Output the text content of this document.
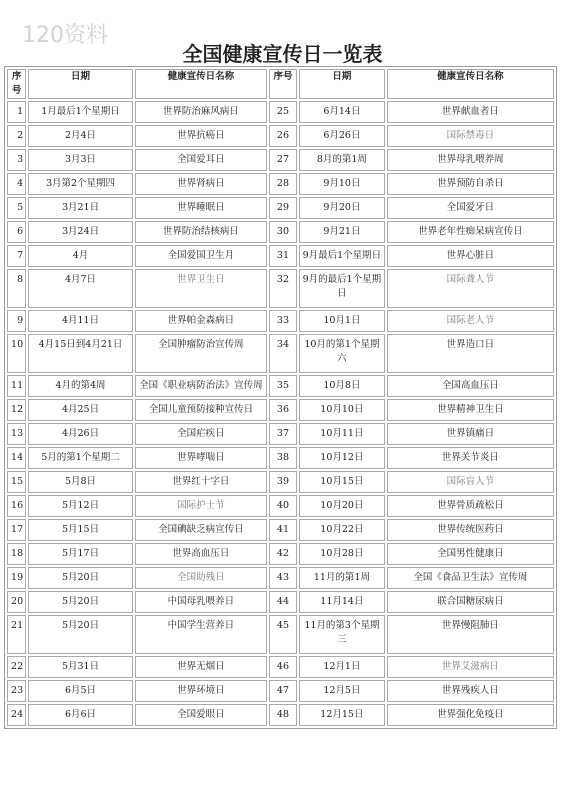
120资料
全国健康宣传日一览表
序号	日期	健康宣传日名称	序号	日期	健康宣传日名称
1	1月最后1个星期日	世界防治麻风病日	25	6月14日	世界献血者日
2	2月4日	世界抗癌日	26	6月26日	国际禁毒日
3	3月3日	全国爱耳日	27	8月的第1周	世界母乳喂养周
4	3月第2个星期四	世界肾病日	28	9月10日	世界预防自杀日
5	3月21日	世界睡眠日	29	9月20日	全国爱牙日
6	3月24日	世界防治结核病日	30	9月21日	世界老年性痴呆病宣传日
7	4月	全国爱国卫生月	31	9月最后1个星期日	世界心脏日
8	4月7日	世界卫生日	32	9月的最后1个星期日	国际聋人节
9	4月11日	世界帕金森病日	33	10月1日	国际老人节
10	4月15日到4月21日	全国肿瘤防治宣传周	34	10月的第1个星期六	世界造口日
11	4月的第4周	全国《职业病防治法》宣传周	35	10月8日	全国高血压日
12	4月25日	全国儿童预防接种宣传日	36	10月10日	世界精神卫生日
13	4月26日	全国疟疾日	37	10月11日	世界镇痛日
14	5月的第1个星期二	世界哮喘日	38	10月12日	世界关节炎日
15	5月8日	世界红十字日	39	10月15日	国际盲人节
16	5月12日	国际护士节	40	10月20日	世界骨质疏松日
17	5月15日	全国碘缺乏病宣传日	41	10月22日	世界传统医药日
18	5月17日	世界高血压日	42	10月28日	全国男性健康日
19	5月20日	全国助残日	43	11月的第1周	全国《食品卫生法》宣传周
20	5月20日	中国母乳喂养日	44	11月14日	联合国糖尿病日
21	5月20日	中国学生营养日	45	11月的第3个星期三	世界慢阻肺日
22	5月31日	世界无烟日	46	12月1日	世界艾滋病日
23	6月5日	世界环境日	47	12月5日	世界残疾人日
24	6月6日	全国爱眼日	48	12月15日	世界强化免疫日
